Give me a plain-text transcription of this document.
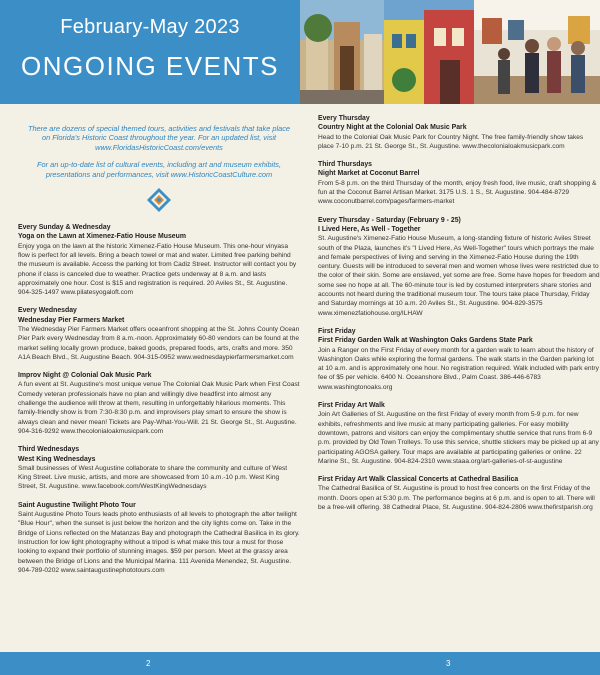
February-May 2023
ONGOING EVENTS

There are dozens of special themed tours, activities and festivals that take place on Florida's Historic Coast throughout the year. For an updated list, visit www.FloridasHistoricCoast.com/events

For an up-to-date list of cultural events, including art and museum exhibits, presentations and performances, visit www.HistoricCoastCulture.com

Every Sunday & Wednesday
Yoga on the Lawn at Ximenez-Fatio House Museum
Enjoy yoga on the lawn at the historic Ximenez-Fatio House Museum. This one-hour vinyasa flow is perfect for all levels. Bring a beach towel or mat and water. Limited free parking behind the museum is available. Access the parking lot from Cadiz Street. Instructor will contact you by phone if class is canceled due to weather. Practice gets underway at 8 a.m. and lasts approximately one hour. Cost is $15 and registration is required. 20 Aviles St., St. Augustine. 904-325-1497 www.pilatesyogaloft.com
Every Wednesday
Wednesday Pier Farmers Market
The Wednesday Pier Farmers Market offers oceanfront shopping at the St. Johns County Ocean Pier Park every Wednesday from 8 a.m.-noon. Approximately 60-80 vendors can be found at the market selling locally grown produce, baked goods, prepared foods, arts, crafts and more. 350 A1A Beach Blvd., St. Augustine Beach. 904-315-0952 www.wednesdaypierfarmersmarket.com
Improv Night @ Colonial Oak Music Park
A fun event at St. Augustine's most unique venue The Colonial Oak Music Park when First Coast Comedy veteran professionals have no plan and willingly dive headfirst into almost any challenge the audience will throw at them, resulting in unforgettably hilarious moments. This family-friendly show is from 7:30-8:30 p.m. and improvisers play smart to ensure the show is always clean and never mean! Tickets are Pay-What-You-Will. 21 St. George St., St. Augustine. 904-316-9292 www.thecolonialoakmusicpark.com
Third Wednesdays
West King Wednesdays
Small businesses of West Augustine collaborate to share the community and culture of West King Street. Live music, artists, and more are showcased from 10 a.m.-10 p.m. West King Street, St. Augustine. www.facebook.com/WestKingWednesdays
Saint Augustine Twilight Photo Tour
Saint Augustine Photo Tours leads photo enthusiasts of all levels to photograph the after twilight "Blue Hour", when the sunset is just below the horizon and the city lights come on. Take in the Bridge of Lions reflected on the Matanzas Bay and photograph the Cathedral Basilica in its glory. Instruction for low light photography without a tripod is what make this tour a must for those looking to expand their portfolio of stunning images. $59 per person. Meet at the grassy area between the Bridge of Lions and the Municipal Marina. 111 Avenida Menendez, St. Augustine. 904-789-0202 www.saintaugustinephototours.com
Every Thursday
Country Night at the Colonial Oak Music Park
Head to the Colonial Oak Music Park for Country Night. The free family-friendly show takes place 7-10 p.m. 21 St. George St., St. Augustine. www.thecolonialoakmusicpark.com
Third Thursdays
Night Market at Coconut Barrel
From 5-8 p.m. on the third Thursday of the month, enjoy fresh food, live music, craft shopping & fun at the Coconut Barrel Artisan Market. 3175 U.S. 1 S., St. Augustine. 904-484-8729 www.coconutbarrel.com/pages/farmers-market
Every Thursday - Saturday (February 9 - 25)
I Lived Here, As Well - Together
St. Augustine's Ximenez-Fatio House Museum, a long-standing fixture of historic Aviles Street south of the Plaza, launches it's "I Lived Here, As Well-Together" tours which portrays the male and female perspectives of living and serving in the Ximenez-Fatio House during the 19th century. Guests will be introduced to several men and women whose lives were restricted due to the color of their skin. Some are enslaved, yet some are free. Some have hopes for freedom and some see no hope at all. The 60-minute tour is led by costumed interpreters share stories and accounts not heard during the traditional museum tour. The tours take place Thursday, Friday and Saturday mornings at 10 a.m. 20 Aviles St., St. Augustine. 904-829-3575 www.ximenezfatiohouse.org/ILHAW
First Friday
First Friday Garden Walk at Washington Oaks Gardens State Park
Join a Ranger on the First Friday of every month for a garden walk to learn about the history of Washington Oaks while exploring the formal gardens. The walk starts in the Garden parking lot at 10 a.m. and is approximately one hour. No registration required. Walk included with park entry fee of $5 per vehicle. 6400 N. Oceanshore Blvd., Palm Coast. 386-446-6783 www.washingtonoaks.org
First Friday Art Walk
Join Art Galleries of St. Augustine on the first Friday of every month from 5-9 p.m. for new exhibits, refreshments and live music at many participating galleries. For easy mobility downtown, patrons and visitors can enjoy the complimentary shuttle service that runs from 6-9 p.m. provided by Old Town Trolleys. To use this service, shuttle stickers may be picked up at any participating AGOSA gallery. Tour maps are available at participating galleries or online. 22 Marine St., St. Augustine. 904-824-2310 www.staaa.org/art-galleries-of-st-augustine
First Friday Art Walk Classical Concerts at Cathedral Basilica
The Cathedral Basilica of St. Augustine is proud to host free concerts on the first Friday of the month. Doors open at 5:30 p.m. The performance begins at 6 p.m. and is open to all. There will be a free-will offering. 38 Cathedral Place, St. Augustine. 904-824-2806 www.thefirstparish.org
2	3
